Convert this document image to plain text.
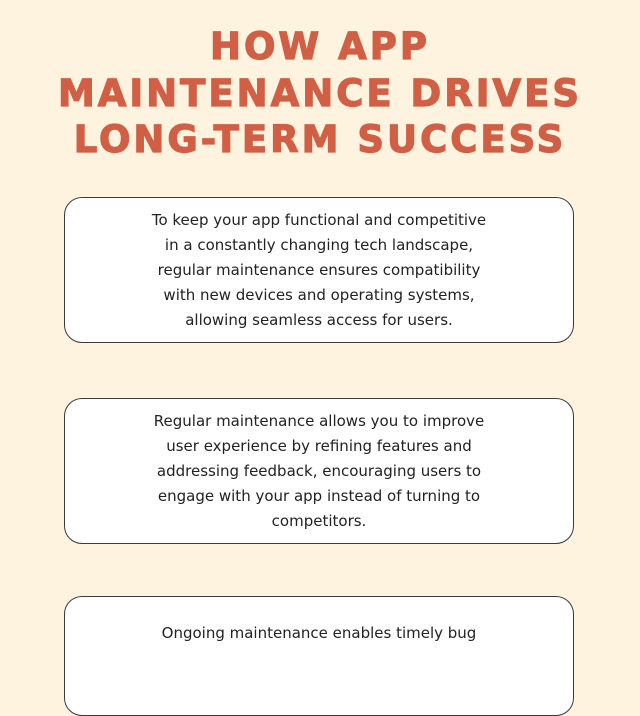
HOW APP
MAINTENANCE DRIVES
LONG-TERM SUCCESS
To keep your app functional and competitive
in a constantly changing tech landscape,
regular maintenance ensures compatibility
with new devices and operating systems,
allowing seamless access for users.
Regular maintenance allows you to improve
user experience by refining features and
addressing feedback, encouraging users to
engage with your app instead of turning to
competitors.
Ongoing maintenance enables timely bug
